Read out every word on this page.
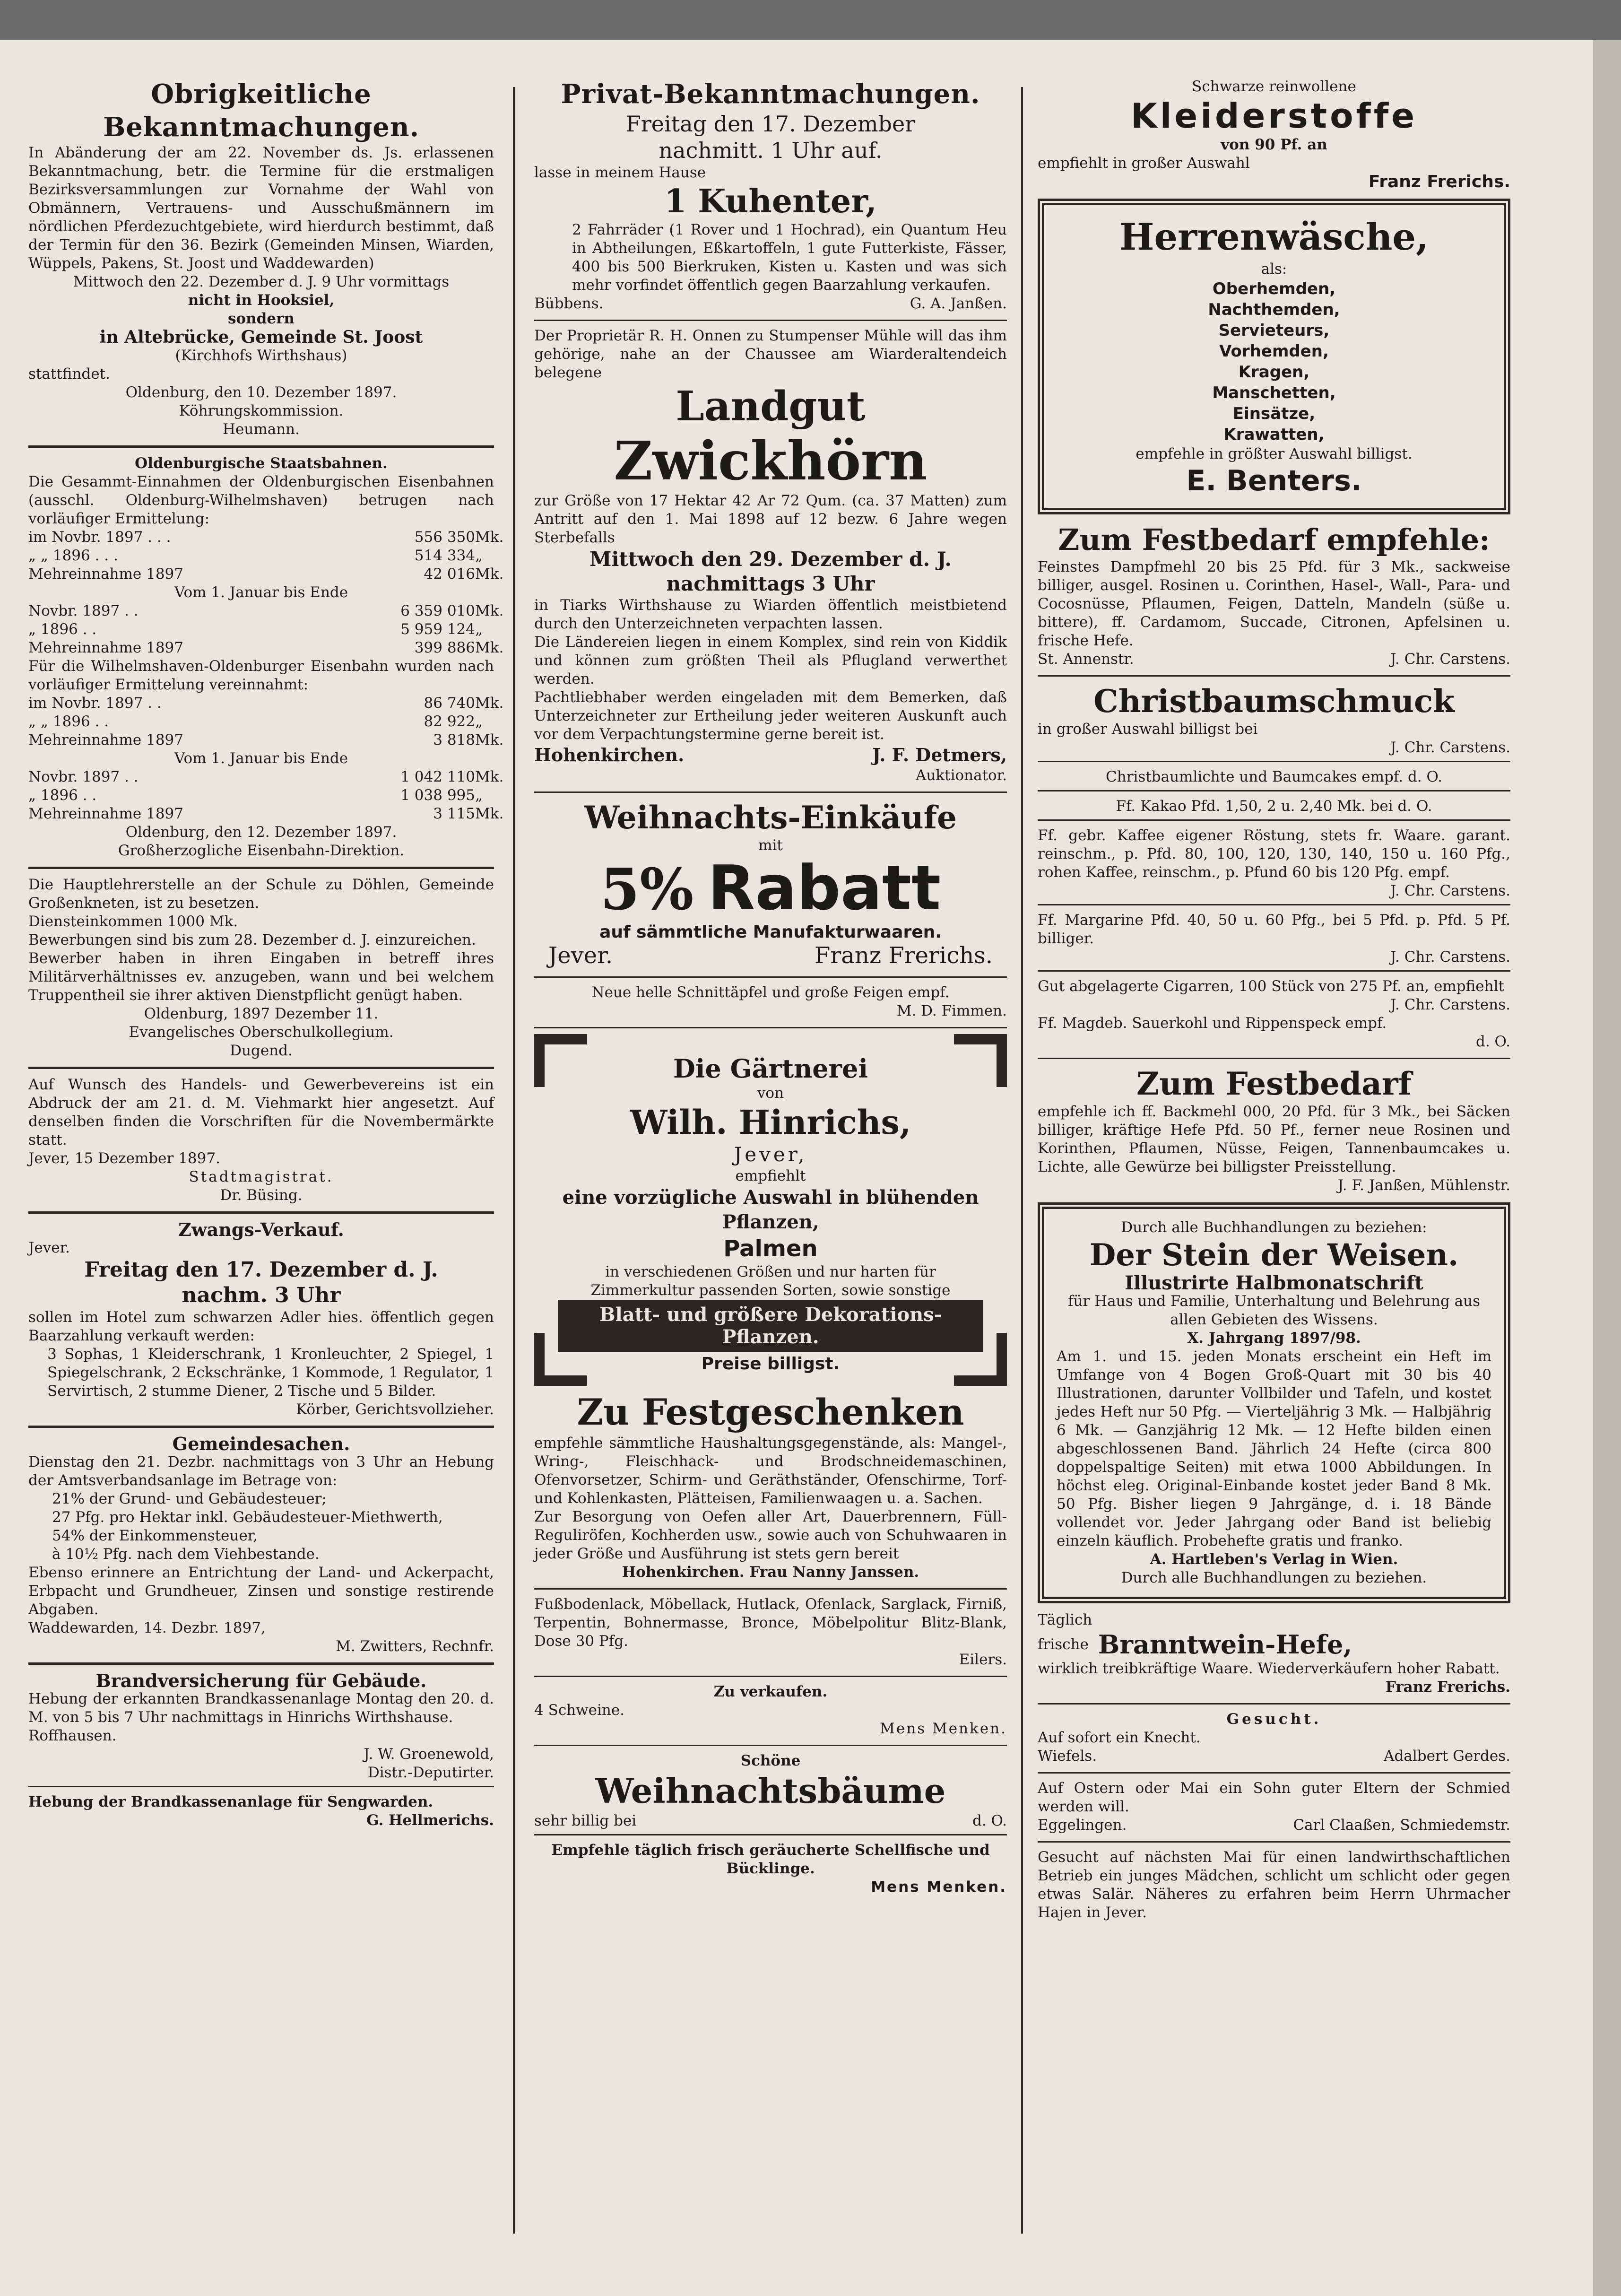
Obrigkeitliche Bekanntmachungen.
In Abänderung der am 22. November ds. Js. erlassenen Bekanntmachung, betr. die Termine für die erstmaligen Bezirksversammlungen zur Vornahme der Wahl von Obmännern, Vertrauens- und Ausschußmännern im nördlichen Pferdezuchtgebiete, wird hierdurch bestimmt, daß der Termin für den 36. Bezirk (Gemeinden Minsen, Wiarden, Wüppels, Pakens, St. Joost und Waddewarden)
Mittwoch den 22. Dezember d. J. 9 Uhr vormittags
nicht in Hooksiel,
sondern
in Altebrücke, Gemeinde St. Joost
(Kirchhofs Wirthshaus)
stattfindet.
Oldenburg, den 10. Dezember 1897.
Köhrungskommission.
Heumann.
Oldenburgische Staatsbahnen.
Die Gesammt-Einnahmen der Oldenburgischen Eisenbahnen (ausschl. Oldenburg-Wilhelmshaven) betrugen nach vorläufiger Ermittelung:
im Novbr. 1897 . . .	556 350 Mk.
„ „ 1896 . . .	514 334 „
Mehreinnahme 1897	42 016 Mk.
Vom 1. Januar bis Ende
Novbr. 1897 . .	6 359 010 Mk.
„ 1896 . .	5 959 124 „
Mehreinnahme 1897	399 886 Mk.
Für die Wilhelmshaven-Oldenburger Eisenbahn wurden nach vorläufiger Ermittelung vereinnahmt:
im Novbr. 1897 . .	86 740 Mk.
„ „ 1896 . .	82 922 „
Mehreinnahme 1897	3 818 Mk.
Vom 1. Januar bis Ende
Novbr. 1897 . .	1 042 110 Mk.
„ 1896 . .	1 038 995 „
Mehreinnahme 1897	3 115 Mk.
Oldenburg, den 12. Dezember 1897.
Großherzogliche Eisenbahn-Direktion.
Die Hauptlehrerstelle an der Schule zu Döhlen, Gemeinde Großenkneten, ist zu besetzen.
Diensteinkommen 1000 Mk.
Bewerbungen sind bis zum 28. Dezember d. J. einzureichen.
Bewerber haben in ihren Eingaben in betreff ihres Militärverhältnisses ev. anzugeben, wann und bei welchem Truppentheil sie ihrer aktiven Dienstpflicht genügt haben.
Oldenburg, 1897 Dezember 11.
Evangelisches Oberschulkollegium.
Dugend.
Auf Wunsch des Handels- und Gewerbevereins ist ein Abdruck der am 21. d. M. Viehmarkt hier angesetzt. Auf denselben finden die Vorschriften für die Novembermärkte statt.
Jever, 15 Dezember 1897.
Stadtmagistrat.
Dr. Büsing.
Zwangs-Verkauf.
Jever.
Freitag den 17. Dezember d. J.
nachm. 3 Uhr
sollen im Hotel zum schwarzen Adler hies. öffentlich gegen Baarzahlung verkauft werden:
3 Sophas, 1 Kleiderschrank, 1 Kronleuchter, 2 Spiegel, 1 Spiegelschrank, 2 Eckschränke, 1 Kommode, 1 Regulator, 1 Servirtisch, 2 stumme Diener, 2 Tische und 5 Bilder.
Körber, Gerichtsvollzieher.
Gemeindesachen.
Dienstag den 21. Dezbr. nachmittags von 3 Uhr an Hebung der Amtsverbandsanlage im Betrage von:
21% der Grund- und Gebäudesteuer;
27 Pfg. pro Hektar inkl. Gebäudesteuer-Miethwerth,
54% der Einkommensteuer,
à 10½ Pfg. nach dem Viehbestande.
Ebenso erinnere an Entrichtung der Land- und Ackerpacht, Erbpacht und Grundheuer, Zinsen und sonstige restirende Abgaben.
Waddewarden, 14. Dezbr. 1897,
M. Zwitters, Rechnfr.
Brandversicherung für Gebäude.
Hebung der erkannten Brandkassenanlage Montag den 20. d. M. von 5 bis 7 Uhr nachmittags in Hinrichs Wirthshause.
Roffhausen.
J. W. Groenewold,
Distr.-Deputirter.
Hebung der Brandkassenanlage für Sengwarden.
G. Hellmerichs.
Privat-Bekanntmachungen.
Freitag den 17. Dezember
nachmitt. 1 Uhr auf.
lasse in meinem Hause
1 Kuhenter,
2 Fahrräder (1 Rover und 1 Hochrad), ein Quantum Heu in Abtheilungen, Eßkartoffeln, 1 gute Futterkiste, Fässer, 400 bis 500 Bierkruken, Kisten u. Kasten und was sich mehr vorfindet öffentlich gegen Baarzahlung verkaufen.
Bübbens.	G. A. Janßen.
Der Proprietär R. H. Onnen zu Stumpenser Mühle will das ihm gehörige, nahe an der Chaussee am Wiarderaltendeich belegene
Landgut
Zwickhörn
zur Größe von 17 Hektar 42 Ar 72 Qum. (ca. 37 Matten) zum Antritt auf den 1. Mai 1898 auf 12 bezw. 6 Jahre wegen Sterbefalls
Mittwoch den 29. Dezember d. J.
nachmittags 3 Uhr
in Tiarks Wirthshause zu Wiarden öffentlich meistbietend durch den Unterzeichneten verpachten lassen.
Die Ländereien liegen in einem Komplex, sind rein von Kiddik und können zum größten Theil als Pflugland verwerthet werden.
Pachtliebhaber werden eingeladen mit dem Bemerken, daß Unterzeichneter zur Ertheilung jeder weiteren Auskunft auch vor dem Verpachtungstermine gerne bereit ist.
Hohenkirchen.	J. F. Detmers,
Auktionator.
Weihnachts-Einkäufe
mit
5% Rabatt
auf sämmtliche Manufakturwaaren.
Jever.	Franz Frerichs.
Neue helle Schnittäpfel und große Feigen empf.
M. D. Fimmen.
Die Gärtnerei
von
Wilh. Hinrichs,
Jever,
empfiehlt
eine vorzügliche Auswahl in blühenden Pflanzen,
Palmen
in verschiedenen Größen und nur harten für Zimmerkultur passenden Sorten, sowie sonstige
Blatt- und größere Dekorations-Pflanzen.
Preise billigst.
Zu Festgeschenken
empfehle sämmtliche Haushaltungsgegenstände, als: Mangel-, Wring-, Fleischhack- und Brodschneidemaschinen, Ofenvorsetzer, Schirm- und Geräthständer, Ofenschirme, Torf- und Kohlenkasten, Plätteisen, Familienwaagen u. a. Sachen.
Zur Besorgung von Oefen aller Art, Dauerbrennern, Füll-Reguliröfen, Kochherden usw., sowie auch von Schuhwaaren in jeder Größe und Ausführung ist stets gern bereit
Hohenkirchen. Frau Nanny Janssen.
Fußbodenlack, Möbellack, Hutlack, Ofenlack, Sarglack, Firniß, Terpentin, Bohnermasse, Bronce, Möbelpolitur Blitz-Blank, Dose 30 Pfg.
Eilers.
Zu verkaufen.
4 Schweine.
Mens Menken.
Schöne
Weihnachtsbäume
sehr billig bei	d. O.
Empfehle täglich frisch geräucherte Schellfische und Bücklinge.
Mens Menken.
Schwarze reinwollene
Kleiderstoffe
von 90 Pf. an
empfiehlt in großer Auswahl
Franz Frerichs.
Herrenwäsche,
als:
Oberhemden,
Nachthemden,
Servieteurs,
Vorhemden,
Kragen,
Manschetten,
Einsätze,
Krawatten,
empfehle in größter Auswahl billigst.
E. Benters.
Zum Festbedarf empfehle:
Feinstes Dampfmehl 20 bis 25 Pfd. für 3 Mk., sackweise billiger, ausgel. Rosinen u. Corinthen, Hasel-, Wall-, Para- und Cocosnüsse, Pflaumen, Feigen, Datteln, Mandeln (süße u. bittere), ff. Cardamom, Succade, Citronen, Apfelsinen u. frische Hefe.
St. Annenstr.	J. Chr. Carstens.
Christbaumschmuck
in großer Auswahl billigst bei
J. Chr. Carstens.
Christbaumlichte und Baumcakes empf. d. O.
Ff. Kakao Pfd. 1,50, 2 u. 2,40 Mk. bei d. O.
Ff. gebr. Kaffee eigener Röstung, stets fr. Waare. garant. reinschm., p. Pfd. 80, 100, 120, 130, 140, 150 u. 160 Pfg., rohen Kaffee, reinschm., p. Pfund 60 bis 120 Pfg. empf.
J. Chr. Carstens.
Ff. Margarine Pfd. 40, 50 u. 60 Pfg., bei 5 Pfd. p. Pfd. 5 Pf. billiger.
J. Chr. Carstens.
Gut abgelagerte Cigarren, 100 Stück von 275 Pf. an, empfiehlt
J. Chr. Carstens.
Ff. Magdeb. Sauerkohl und Rippenspeck empf.
d. O.
Zum Festbedarf
empfehle ich ff. Backmehl 000, 20 Pfd. für 3 Mk., bei Säcken billiger, kräftige Hefe Pfd. 50 Pf., ferner neue Rosinen und Korinthen, Pflaumen, Nüsse, Feigen, Tannenbaumcakes u. Lichte, alle Gewürze bei billigster Preisstellung.
J. F. Janßen, Mühlenstr.
Durch alle Buchhandlungen zu beziehen:
Der Stein der Weisen.
Illustrirte Halbmonatschrift
für Haus und Familie, Unterhaltung und Belehrung aus allen Gebieten des Wissens.
X. Jahrgang 1897/98.
Am 1. und 15. jeden Monats erscheint ein Heft im Umfange von 4 Bogen Groß-Quart mit 30 bis 40 Illustrationen, darunter Vollbilder und Tafeln, und kostet jedes Heft nur 50 Pfg. — Vierteljährig 3 Mk. — Halbjährig 6 Mk. — Ganzjährig 12 Mk. — 12 Hefte bilden einen abgeschlossenen Band. Jährlich 24 Hefte (circa 800 doppelspaltige Seiten) mit etwa 1000 Abbildungen. In höchst eleg. Original-Einbande kostet jeder Band 8 Mk. 50 Pfg. Bisher liegen 9 Jahrgänge, d. i. 18 Bände vollendet vor. Jeder Jahrgang oder Band ist beliebig einzeln käuflich. Probehefte gratis und franko.
A. Hartleben's Verlag in Wien.
Durch alle Buchhandlungen zu beziehen.
Täglich
frische Branntwein-Hefe,
wirklich treibkräftige Waare. Wiederverkäufern hoher Rabatt.
Franz Frerichs.
Gesucht.
Auf sofort ein Knecht.
Wiefels.	Adalbert Gerdes.
Auf Ostern oder Mai ein Sohn guter Eltern der Schmied werden will.
Eggelingen.	Carl Claaßen, Schmiedemstr.
Gesucht auf nächsten Mai für einen landwirthschaftlichen Betrieb ein junges Mädchen, schlicht um schlicht oder gegen etwas Salär. Näheres zu erfahren beim Herrn Uhrmacher Hajen in Jever.
